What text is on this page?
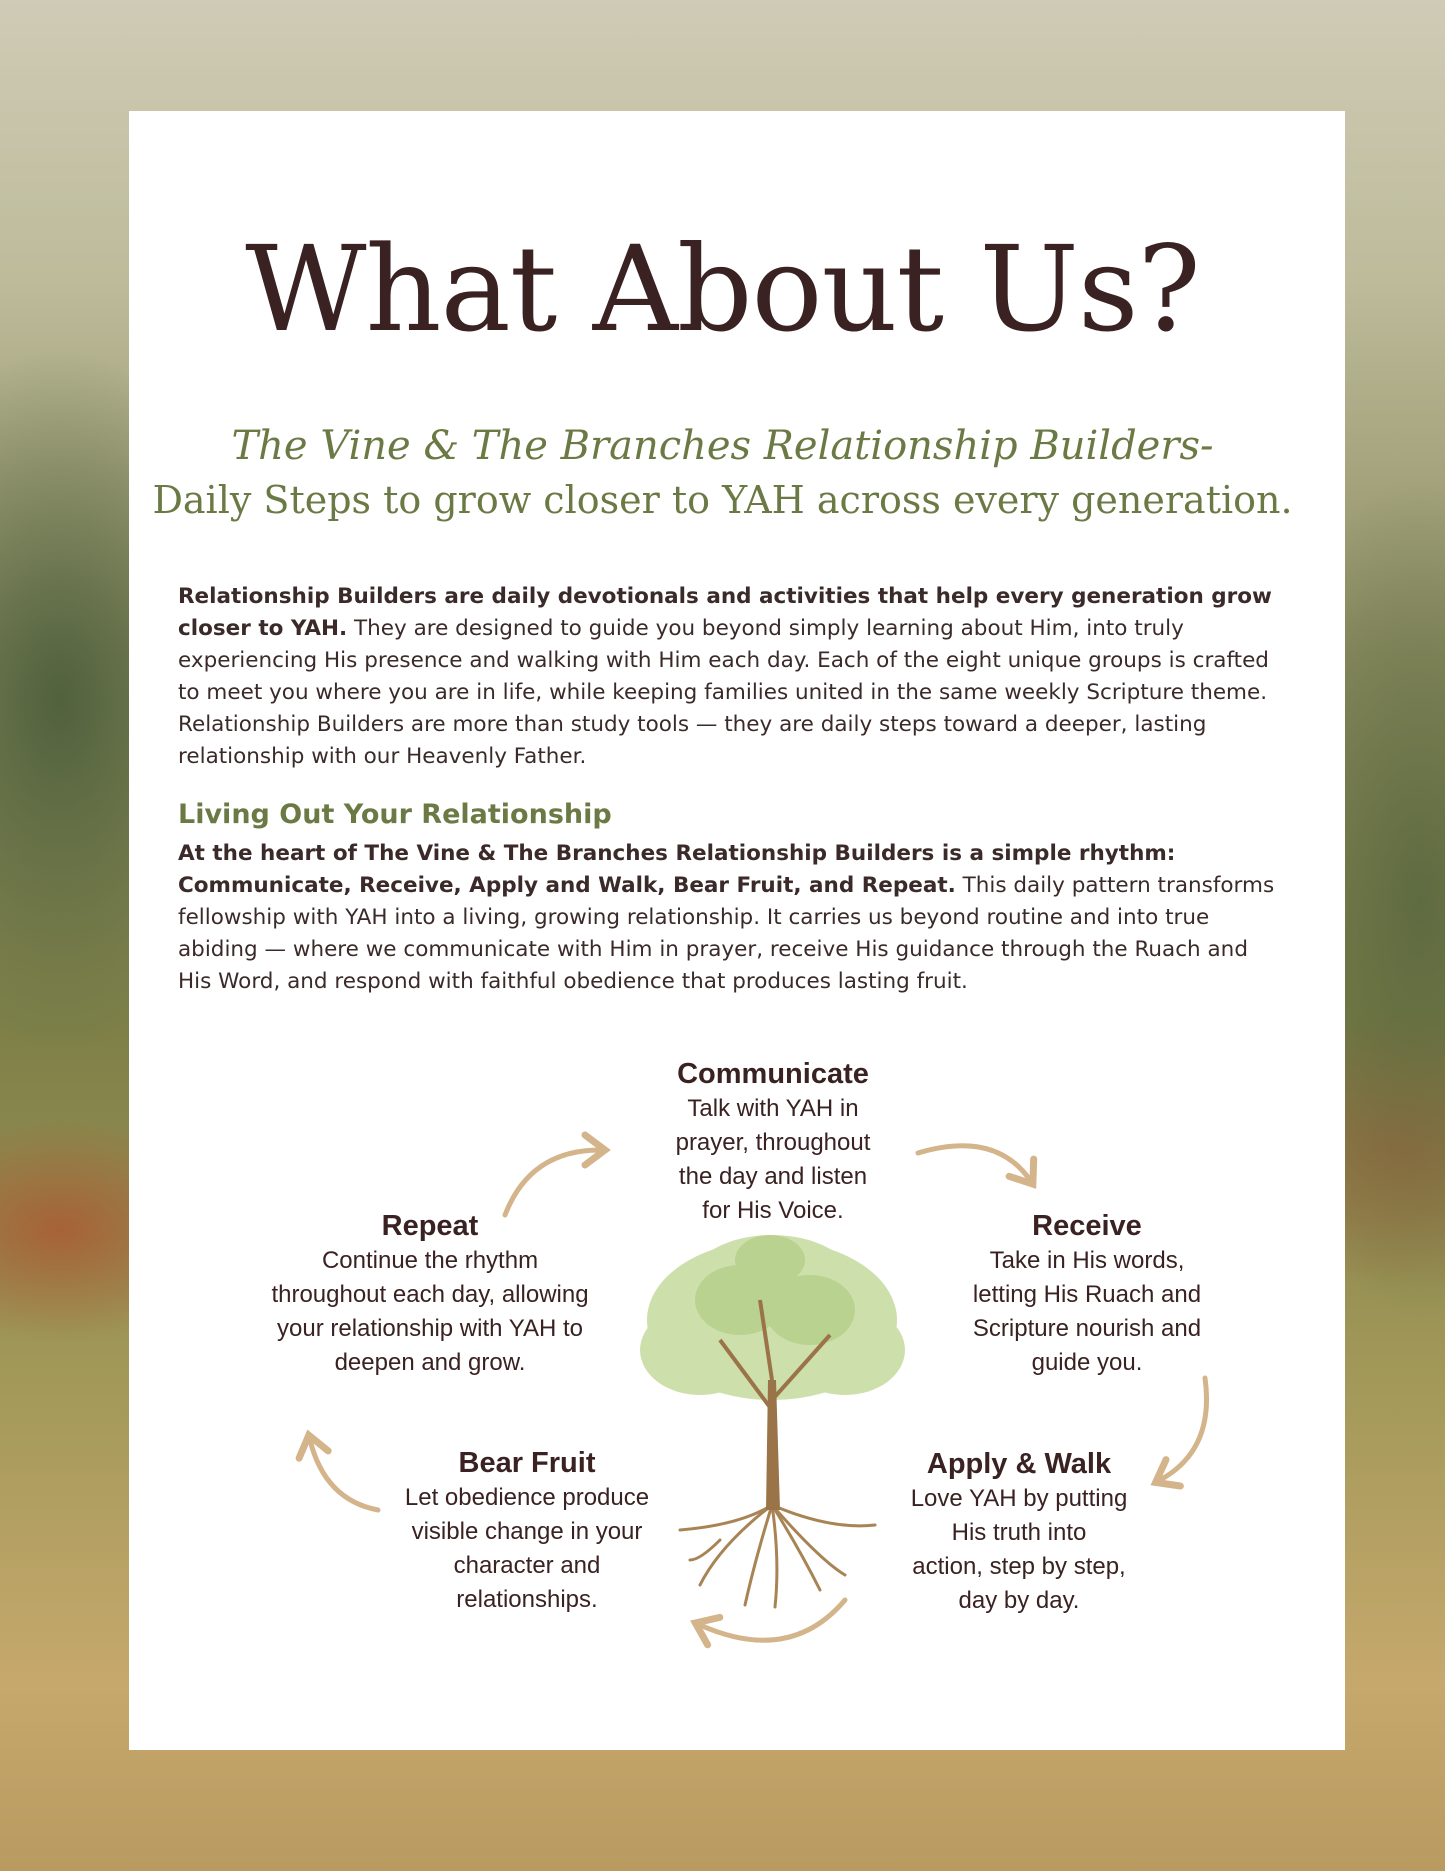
What About Us?
The Vine & The Branches Relationship Builders-
Daily Steps to grow closer to YAH across every generation.
Relationship Builders are daily devotionals and activities that help every generation grow closer to YAH. They are designed to guide you beyond simply learning about Him, into truly experiencing His presence and walking with Him each day. Each of the eight unique groups is crafted to meet you where you are in life, while keeping families united in the same weekly Scripture theme. Relationship Builders are more than study tools — they are daily steps toward a deeper, lasting relationship with our Heavenly Father.
Living Out Your Relationship
At the heart of The Vine & The Branches Relationship Builders is a simple rhythm: Communicate, Receive, Apply and Walk, Bear Fruit, and Repeat. This daily pattern transforms fellowship with YAH into a living, growing relationship. It carries us beyond routine and into true abiding — where we communicate with Him in prayer, receive His guidance through the Ruach and His Word, and respond with faithful obedience that produces lasting fruit.
Communicate
Talk with YAH in
prayer, throughout
the day and listen
for His Voice.	Receive
Take in His words,
letting His Ruach and
Scripture nourish and
guide you.
Apply & Walk
Love YAH by putting
His truth into
action, step by step,
day by day.
Bear Fruit
Let obedience produce
visible change in your
character and
relationships.
Repeat
Continue the rhythm
throughout each day, allowing
your relationship with YAH to
deepen and grow.
